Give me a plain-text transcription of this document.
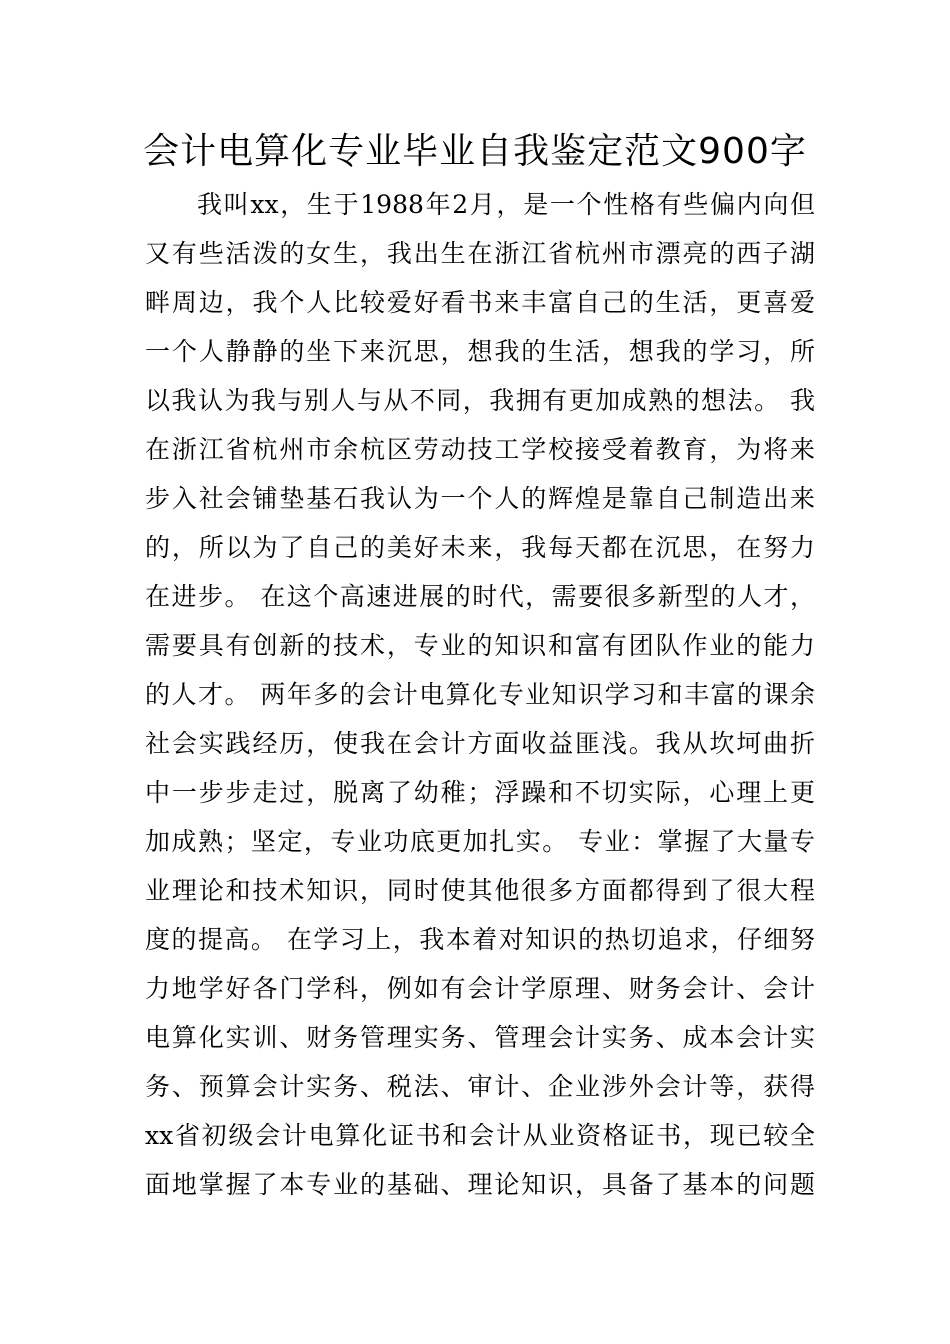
会计电算化专业毕业自我鉴定范文900字
我叫xx，生于1988年2月，是一个性格有些偏内向但
又有些活泼的女生，我出生在浙江省杭州市漂亮的西子湖
畔周边，我个人比较爱好看书来丰富自己的生活，更喜爱
一个人静静的坐下来沉思，想我的生活，想我的学习，所
以我认为我与别人与从不同，我拥有更加成熟的想法。 我
在浙江省杭州市余杭区劳动技工学校接受着教育，为将来
步入社会铺垫基石我认为一个人的辉煌是靠自己制造出来
的，所以为了自己的美好未来，我每天都在沉思，在努力
在进步。 在这个高速进展的时代，需要很多新型的人才，
需要具有创新的技术，专业的知识和富有团队作业的能力
的人才。 两年多的会计电算化专业知识学习和丰富的课余
社会实践经历，使我在会计方面收益匪浅。我从坎坷曲折
中一步步走过，脱离了幼稚；浮躁和不切实际，心理上更
加成熟；坚定，专业功底更加扎实。 专业：掌握了大量专
业理论和技术知识，同时使其他很多方面都得到了很大程
度的提高。 在学习上，我本着对知识的热切追求，仔细努
力地学好各门学科，例如有会计学原理、财务会计、会计
电算化实训、财务管理实务、管理会计实务、成本会计实
务、预算会计实务、税法、审计、企业涉外会计等，获得
xx省初级会计电算化证书和会计从业资格证书，现已较全
面地掌握了本专业的基础、理论知识，具备了基本的问题
